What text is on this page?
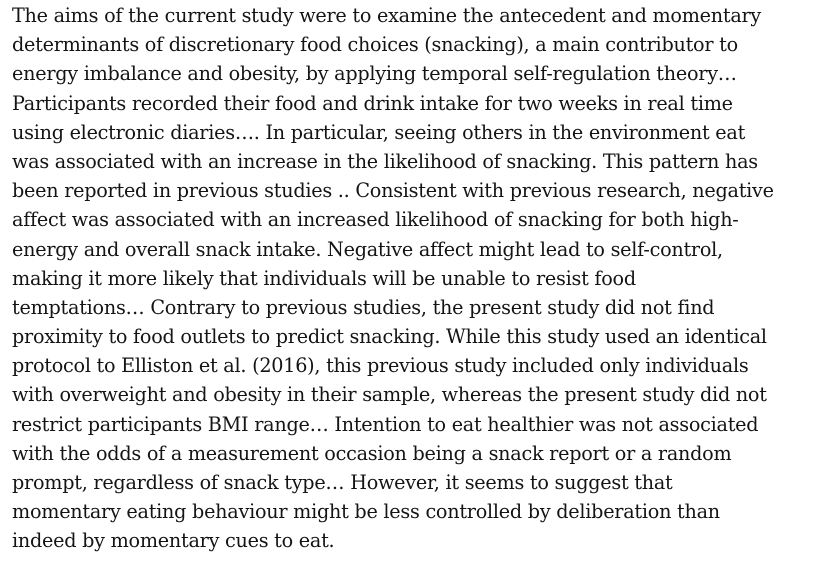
The aims of the current study were to examine the antecedent and momentary
determinants of discretionary food choices (snacking), a main contributor to
energy imbalance and obesity, by applying temporal self-regulation theory…
Participants recorded their food and drink intake for two weeks in real time
using electronic diaries…. In particular, seeing others in the environment eat
was associated with an increase in the likelihood of snacking. This pattern has
been reported in previous studies .. Consistent with previous research, negative
affect was associated with an increased likelihood of snacking for both high-
energy and overall snack intake. Negative affect might lead to self-control,
making it more likely that individuals will be unable to resist food
temptations… Contrary to previous studies, the present study did not find
proximity to food outlets to predict snacking. While this study used an identical
protocol to Elliston et al. (2016), this previous study included only individuals
with overweight and obesity in their sample, whereas the present study did not
restrict participants BMI range… Intention to eat healthier was not associated
with the odds of a measurement occasion being a snack report or a random
prompt, regardless of snack type… However, it seems to suggest that
momentary eating behaviour might be less controlled by deliberation than
indeed by momentary cues to eat.
